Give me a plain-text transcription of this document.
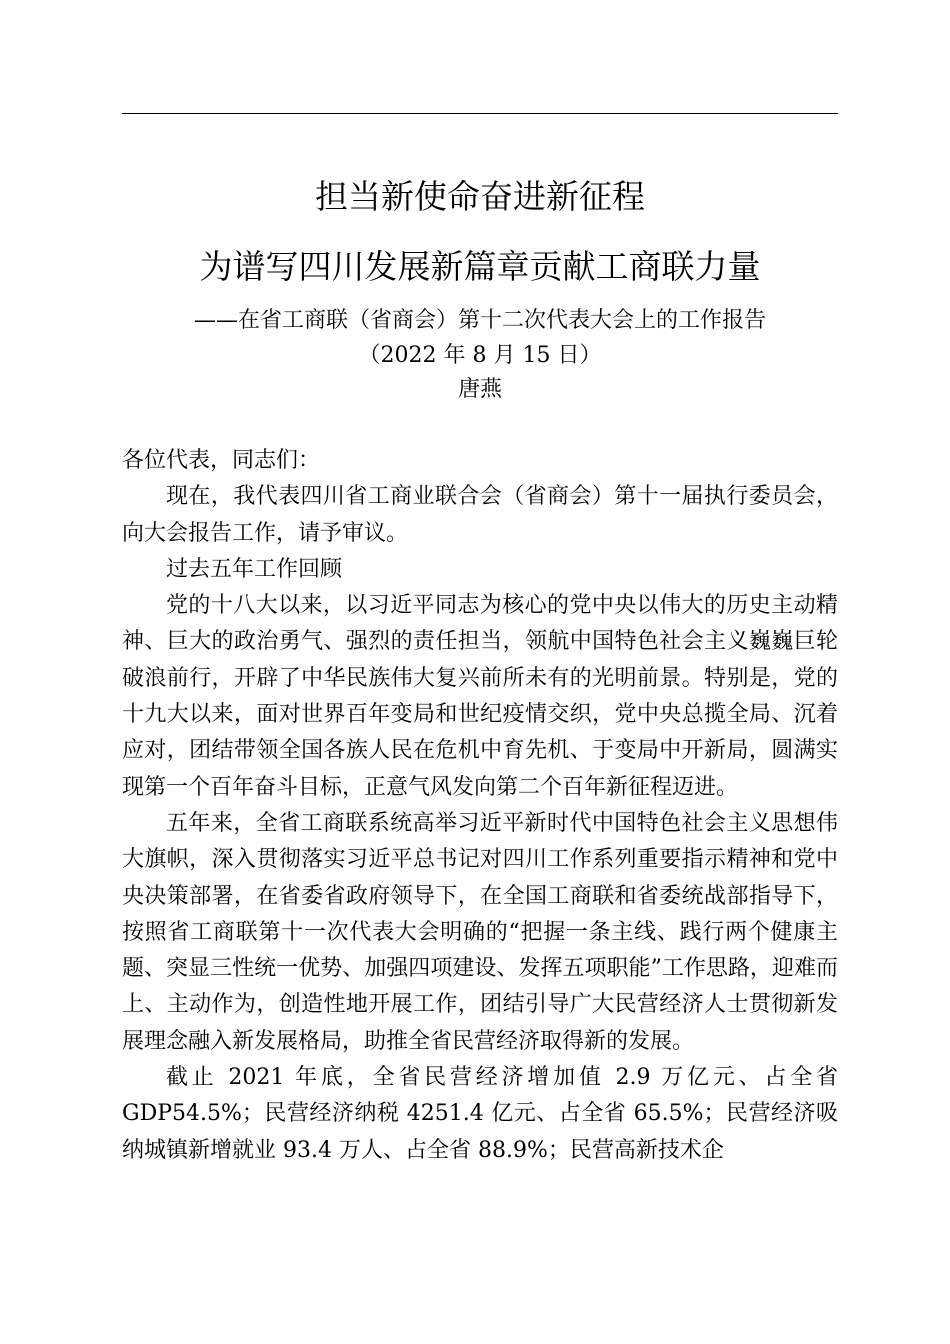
担当新使命奋进新征程
为谱写四川发展新篇章贡献工商联力量
——在省工商联（省商会）第十二次代表大会上的工作报告
（2022 年 8 月 15 日）
唐燕

各位代表，同志们：

现在，我代表四川省工商业联合会（省商会）第十一届执行委员会，向大会报告工作，请予审议。

过去五年工作回顾

党的十八大以来，以习近平同志为核心的党中央以伟大的历史主动精神、巨大的政治勇气、强烈的责任担当，领航中国特色社会主义巍巍巨轮破浪前行，开辟了中华民族伟大复兴前所未有的光明前景。特别是，党的十九大以来，面对世界百年变局和世纪疫情交织，党中央总揽全局、沉着应对，团结带领全国各族人民在危机中育先机、于变局中开新局，圆满实现第一个百年奋斗目标，正意气风发向第二个百年新征程迈进。

五年来，全省工商联系统高举习近平新时代中国特色社会主义思想伟大旗帜，深入贯彻落实习近平总书记对四川工作系列重要指示精神和党中央决策部署，在省委省政府领导下，在全国工商联和省委统战部指导下，按照省工商联第十一次代表大会明确的“把握一条主线、践行两个健康主题、突显三性统一优势、加强四项建设、发挥五项职能”工作思路，迎难而上、主动作为，创造性地开展工作，团结引导广大民营经济人士贯彻新发展理念融入新发展格局，助推全省民营经济取得新的发展。

截止 2021 年底，全省民营经济增加值 2.9 万亿元、占全省 GDP54.5%；民营经济纳税 4251.4 亿元、占全省 65.5%；民营经济吸纳城镇新增就业 93.4 万人、占全省 88.9%；民营高新技术企
